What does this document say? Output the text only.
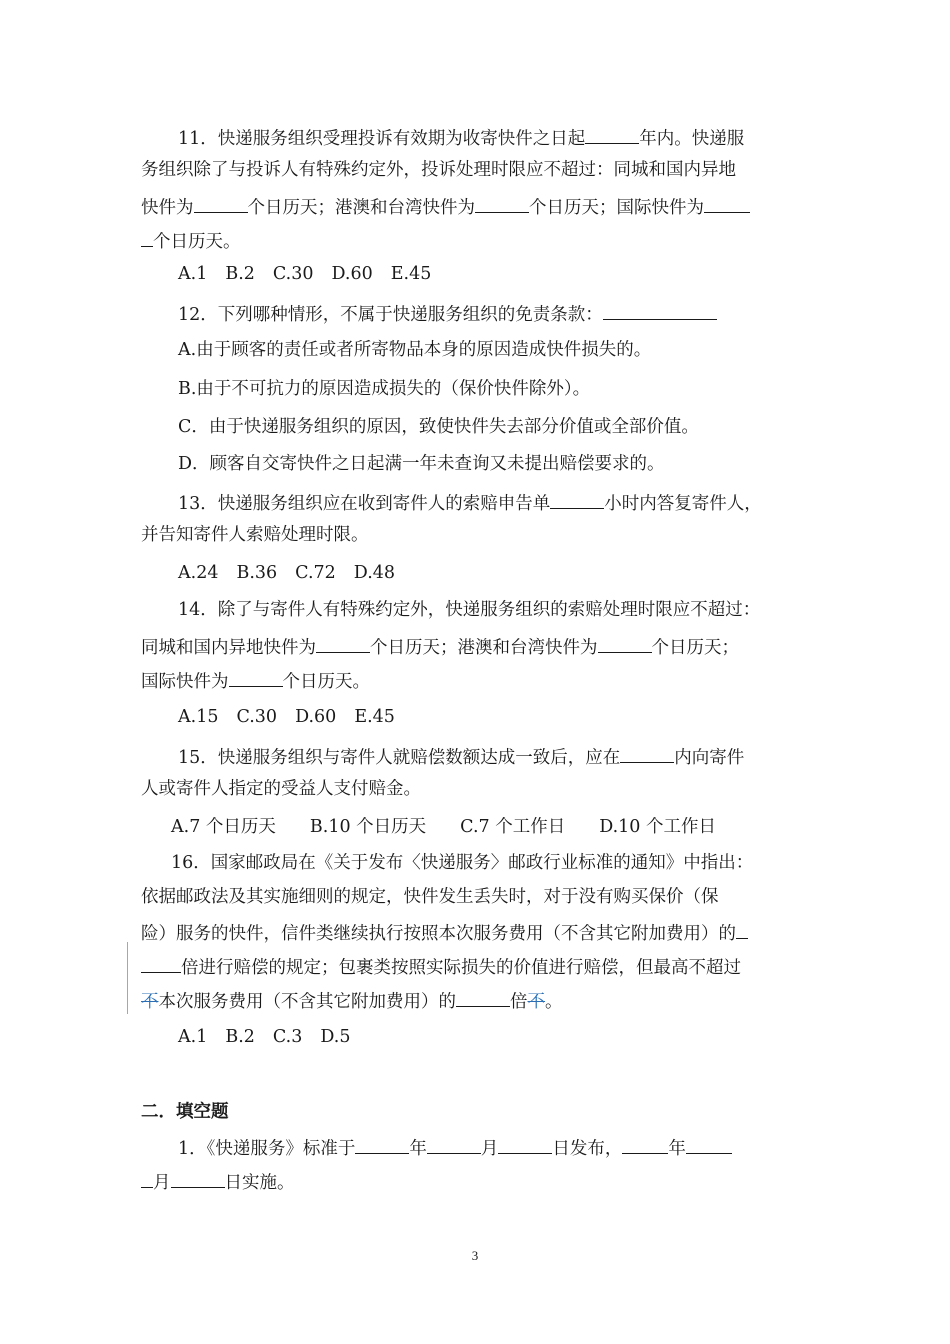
11．快递服务组织受理投诉有效期为收寄快件之日起	年内。快递服
务组织除了与投诉人有特殊约定外，投诉处理时限应不超过：同城和国内异地
快件为	个日历天；港澳和台湾快件为	个日历天；国际快件为
个日历天。
A.1 B.2 C.30 D.60 E.45
12．下列哪种情形，不属于快递服务组织的免责条款：
A.由于顾客的责任或者所寄物品本身的原因造成快件损失的。
B.由于不可抗力的原因造成损失的（保价快件除外）。
C．由于快递服务组织的原因，致使快件失去部分价值或全部价值。
D．顾客自交寄快件之日起满一年未查询又未提出赔偿要求的。
13．快递服务组织应在收到寄件人的索赔申告单	小时内答复寄件人，
并告知寄件人索赔处理时限。
A.24 B.36 C.72 D.48
14．除了与寄件人有特殊约定外，快递服务组织的索赔处理时限应不超过：
同城和国内异地快件为	个日历天；港澳和台湾快件为	个日历天；
国际快件为	个日历天。
A.15 C.30 D.60 E.45
15．快递服务组织与寄件人就赔偿数额达成一致后，应在	内向寄件
人或寄件人指定的受益人支付赔金。
A.7 个日历天 B.10 个日历天 C.7 个工作日 D.10 个工作日
16．国家邮政局在《关于发布〈快递服务〉邮政行业标准的通知》中指出：
依据邮政法及其实施细则的规定，快件发生丢失时，对于没有购买保价（保
险）服务的快件，信件类继续执行按照本次服务费用（不含其它附加费用）的
倍进行赔偿的规定；包裹类按照实际损失的价值进行赔偿，但最高不超过
不本次服务费用（不含其它附加费用）的	倍不。
A.1 B.2 C.3 D.5
二．填空题
1．《快递服务》标准于	年	月	日发布，	年
月	日实施。
3
